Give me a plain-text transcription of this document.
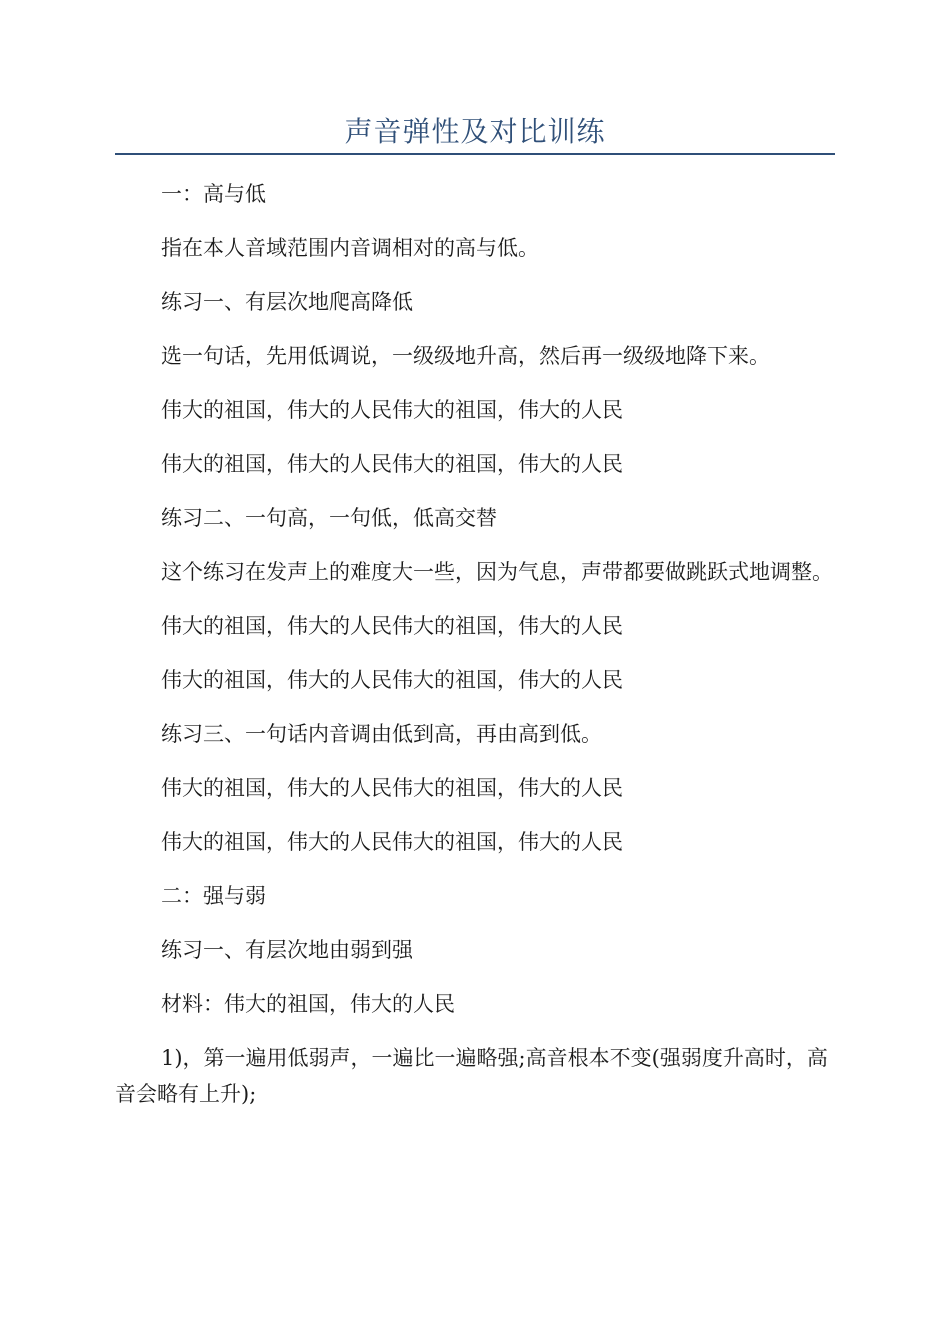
声音弹性及对比训练

一：高与低

指在本人音域范围内音调相对的高与低。

练习一、有层次地爬高降低

选一句话，先用低调说，一级级地升高，然后再一级级地降下来。

伟大的祖国，伟大的人民伟大的祖国，伟大的人民

伟大的祖国，伟大的人民伟大的祖国，伟大的人民

练习二、一句高，一句低，低高交替

这个练习在发声上的难度大一些，因为气息，声带都要做跳跃式地调整。

伟大的祖国，伟大的人民伟大的祖国，伟大的人民

伟大的祖国，伟大的人民伟大的祖国，伟大的人民

练习三、一句话内音调由低到高，再由高到低。

伟大的祖国，伟大的人民伟大的祖国，伟大的人民

伟大的祖国，伟大的人民伟大的祖国，伟大的人民

二：强与弱

练习一、有层次地由弱到强

材料：伟大的祖国，伟大的人民

1)，第一遍用低弱声，一遍比一遍略强;高音根本不变(强弱度升高时，高音会略有上升);
